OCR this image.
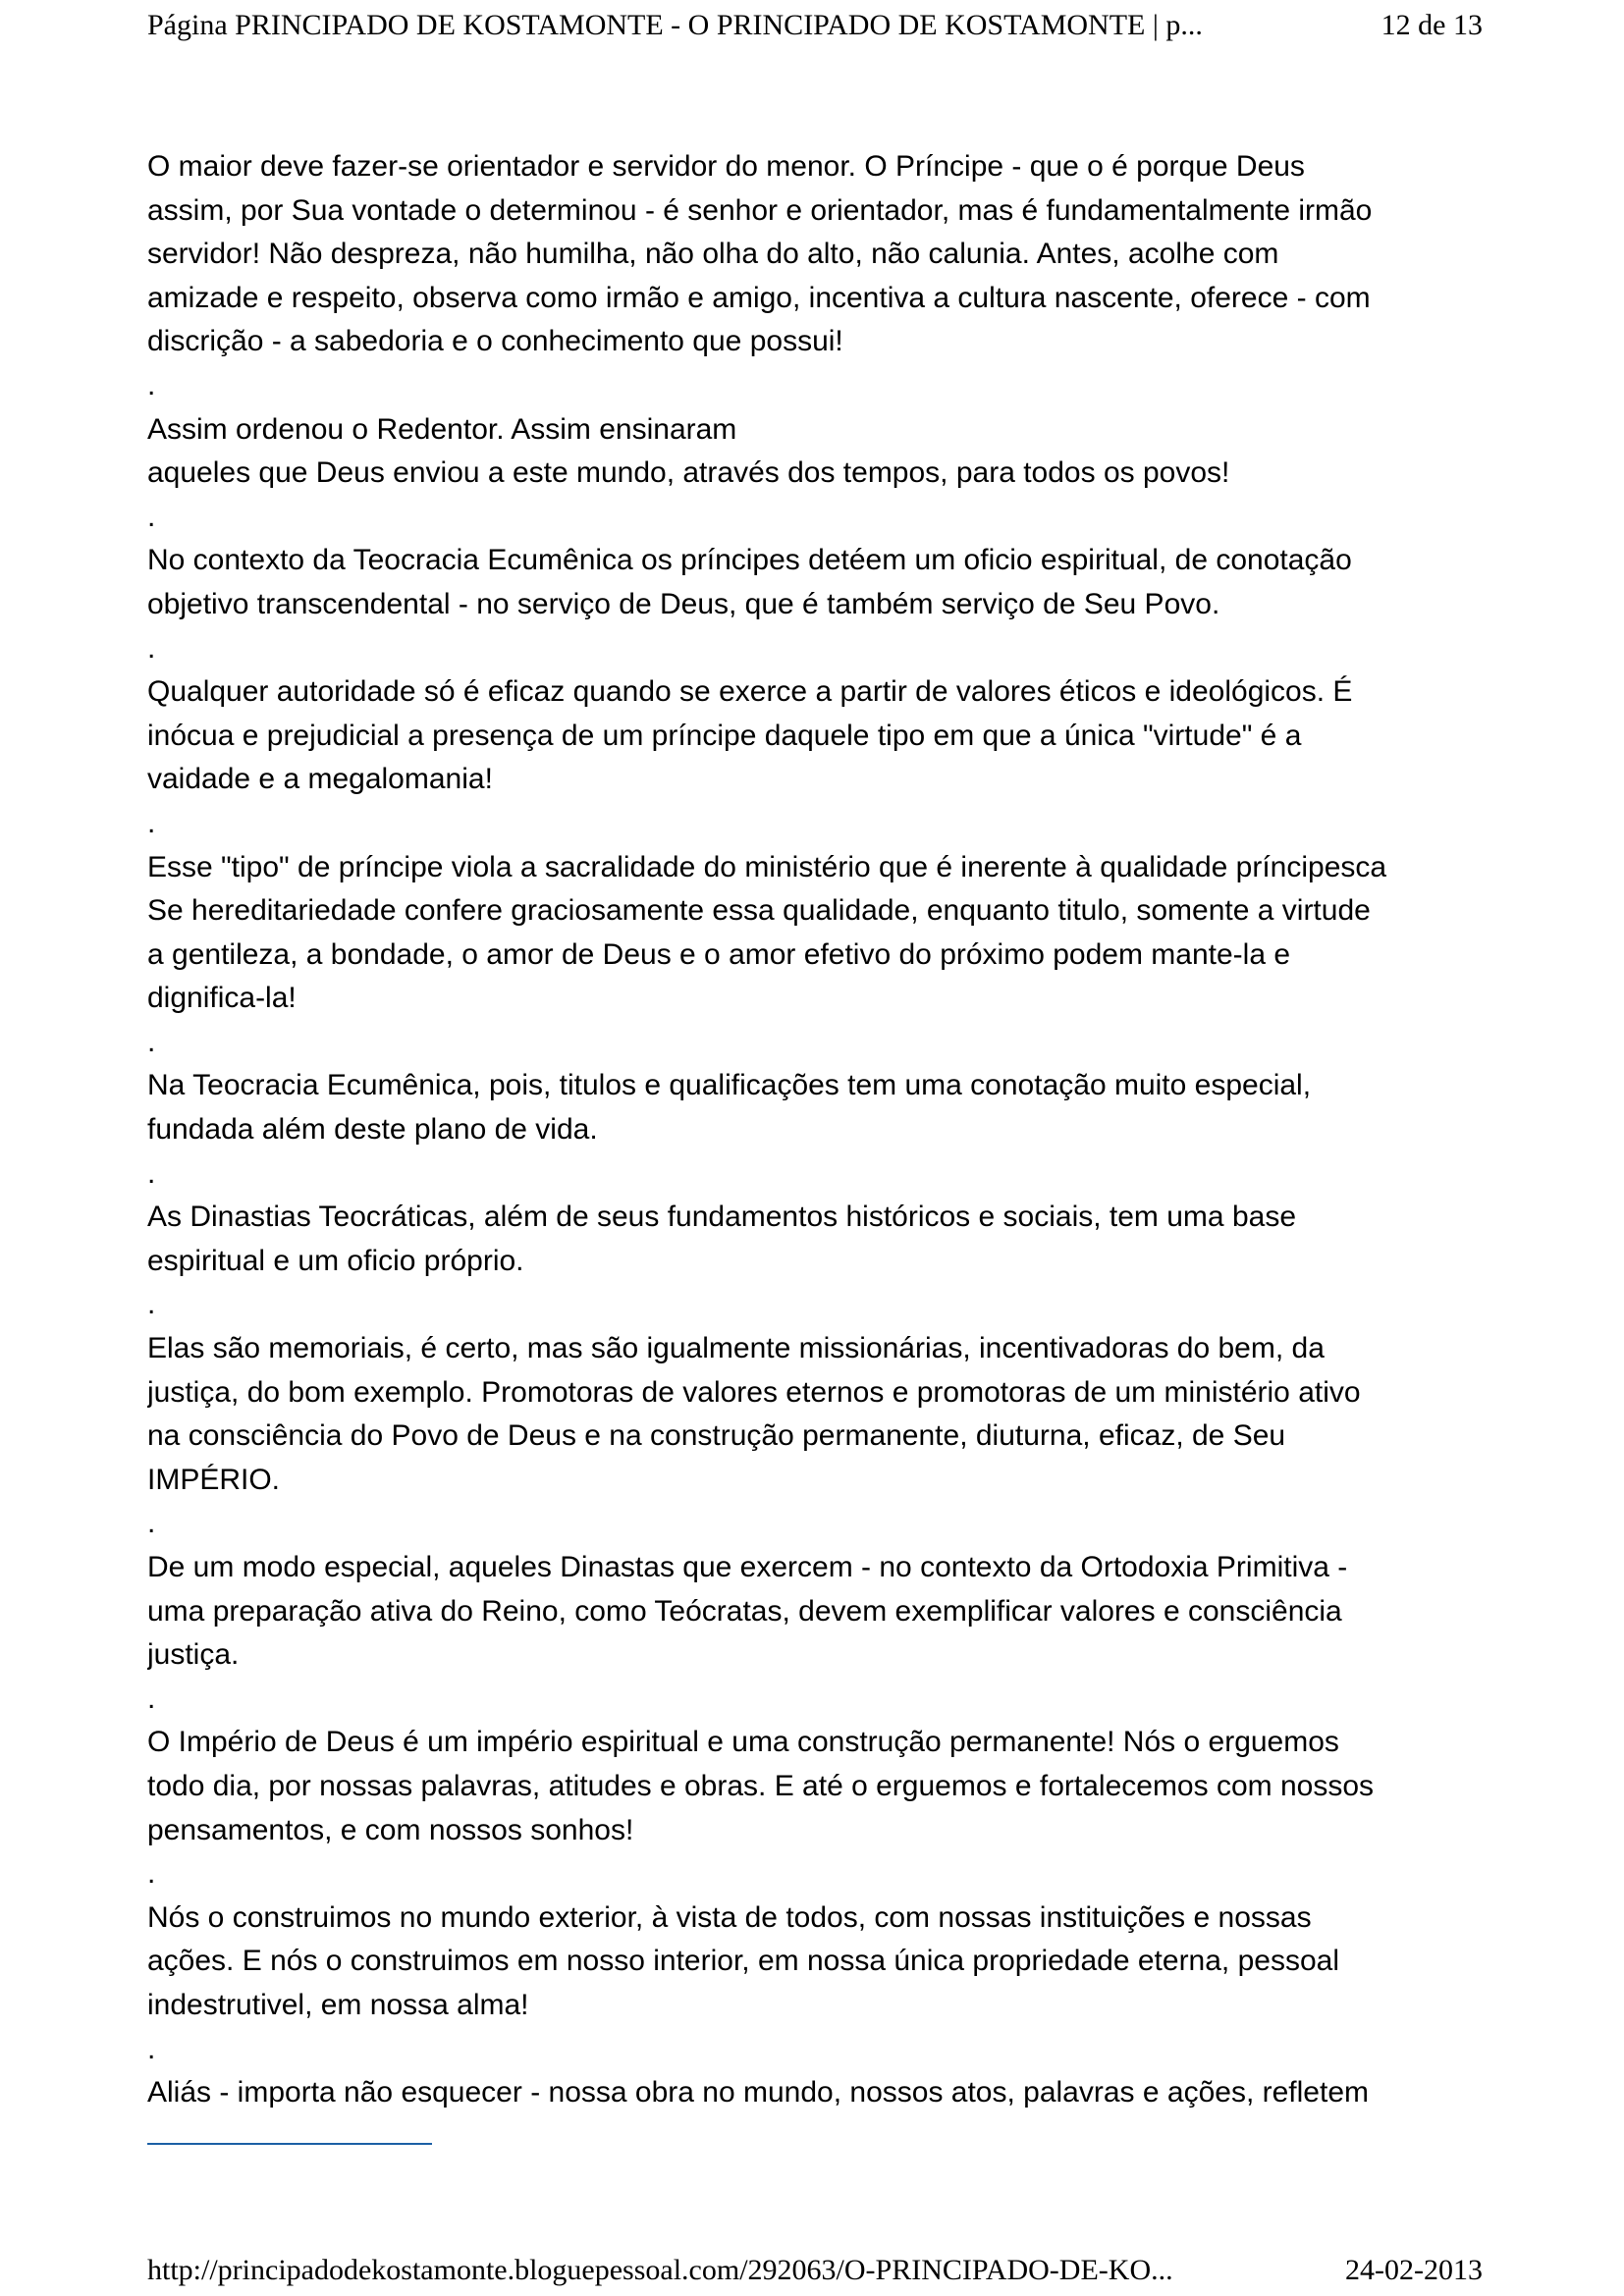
Página PRINCIPADO DE KOSTAMONTE - O PRINCIPADO DE KOSTAMONTE | p...	12 de 13
O maior deve fazer-se orientador e servidor do menor. O Príncipe - que o é porque Deus
assim, por Sua vontade o determinou - é senhor e orientador, mas é fundamentalmente irmão
servidor! Não despreza, não humilha, não olha do alto, não calunia. Antes, acolhe com
amizade e respeito, observa como irmão e amigo, incentiva a cultura nascente, oferece - com
discrição - a sabedoria e o conhecimento que possui!
.
Assim ordenou o Redentor. Assim ensinaram
aqueles que Deus enviou a este mundo, através dos tempos, para todos os povos!
.
No contexto da Teocracia Ecumênica os príncipes detéem um oficio espiritual, de conotação
objetivo transcendental - no serviço de Deus, que é também serviço de Seu Povo.
.
Qualquer autoridade só é eficaz quando se exerce a partir de valores éticos e ideológicos. É
inócua e prejudicial a presença de um príncipe daquele tipo em que a única "virtude" é a
vaidade e a megalomania!
.
Esse "tipo" de príncipe viola a sacralidade do ministério que é inerente à qualidade príncipesca
Se hereditariedade confere graciosamente essa qualidade, enquanto titulo, somente a virtude
a gentileza, a bondade, o amor de Deus e o amor efetivo do próximo podem mante-la e
dignifica-la!
.
Na Teocracia Ecumênica, pois, titulos e qualificações tem uma conotação muito especial,
fundada além deste plano de vida.
.
As Dinastias Teocráticas, além de seus fundamentos históricos e sociais, tem uma base
espiritual e um oficio próprio.
.
Elas são memoriais, é certo, mas são igualmente missionárias, incentivadoras do bem, da
justiça, do bom exemplo. Promotoras de valores eternos e promotoras de um ministério ativo
na consciência do Povo de Deus e na construção permanente, diuturna, eficaz, de Seu
IMPÉRIO.
.
De um modo especial, aqueles Dinastas que exercem - no contexto da Ortodoxia Primitiva -
uma preparação ativa do Reino, como Teócratas, devem exemplificar valores e consciência
justiça.
.
O Império de Deus é um império espiritual e uma construção permanente! Nós o erguemos
todo dia, por nossas palavras, atitudes e obras. E até o erguemos e fortalecemos com nossos
pensamentos, e com nossos sonhos!
.
Nós o construimos no mundo exterior, à vista de todos, com nossas instituições e nossas
ações. E nós o construimos em nosso interior, em nossa única propriedade eterna, pessoal
indestrutivel, em nossa alma!
.
Aliás - importa não esquecer - nossa obra no mundo, nossos atos, palavras e ações, refletem
http://principadodekostamonte.bloguepessoal.com/292063/O-PRINCIPADO-DE-KO...	24-02-2013
